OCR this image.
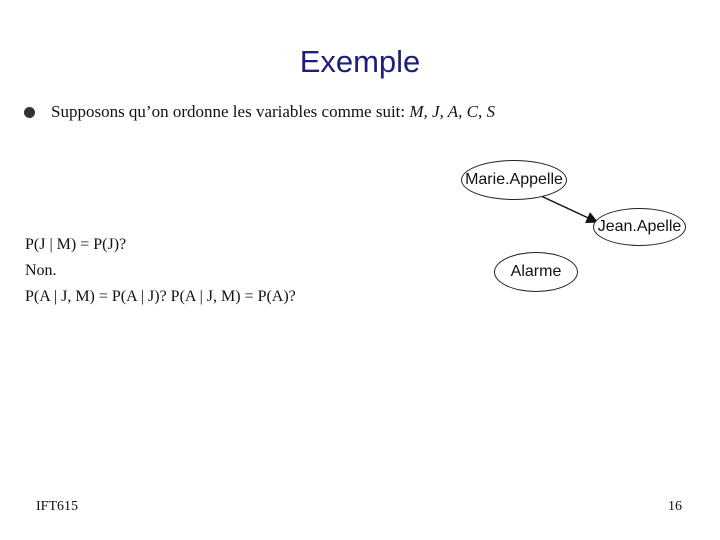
Exemple
Supposons qu’on ordonne les variables comme suit: M, J, A, C, S
P(J | M) = P(J)?
Non.
P(A | J, M) = P(A | J)? P(A | J, M) = P(A)?
Marie.Appelle
Jean.Apelle
Alarme
IFT615	16
